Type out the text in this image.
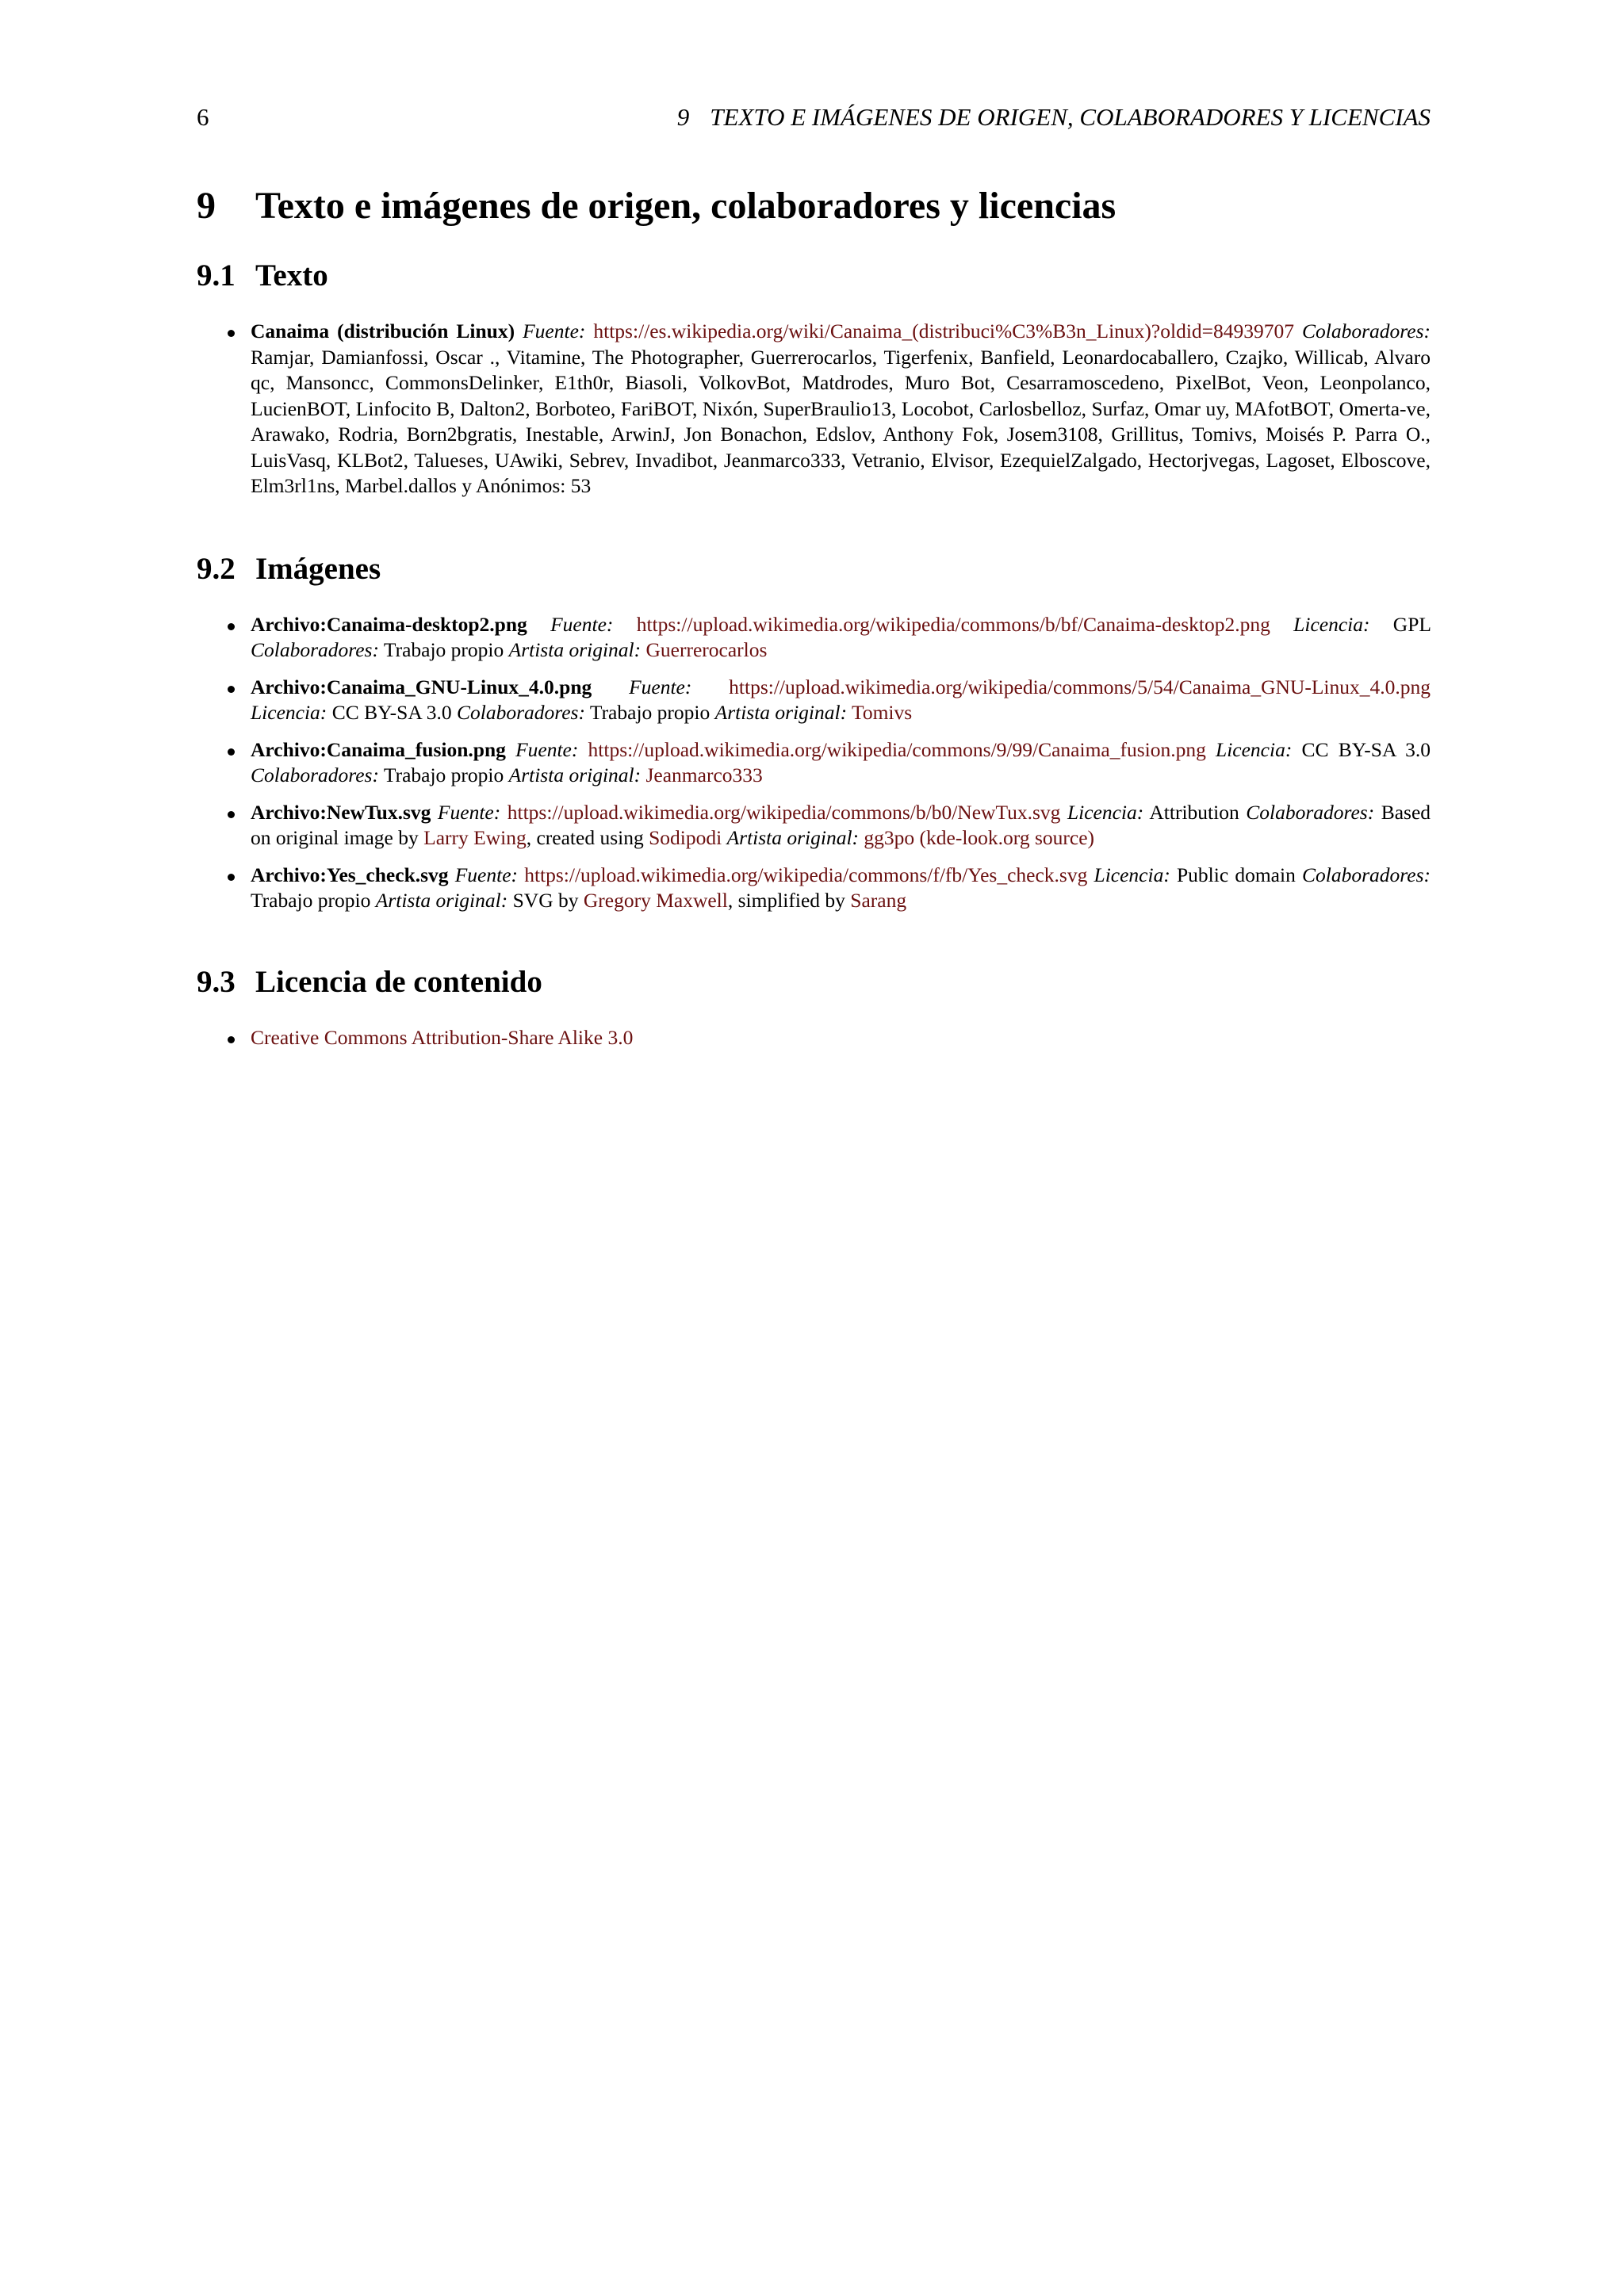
6	9 TEXTO E IMÁGENES DE ORIGEN, COLABORADORES Y LICENCIAS
9 Texto e imágenes de origen, colaboradores y licencias
9.1 Texto
Canaima (distribución Linux) Fuente: https://es.wikipedia.org/wiki/Canaima_(distribuci%C3%B3n_Linux)?oldid=84939707 Colaboradores: Ramjar, Damianfossi, Oscar ., Vitamine, The Photographer, Guerrerocarlos, Tigerfenix, Banfield, Leonardocaballero, Czajko, Willicab, Alvaro qc, Mansoncc, CommonsDelinker, E1th0r, Biasoli, VolkovBot, Matdrodes, Muro Bot, Cesarramoscedeno, PixelBot, Veon, Leonpolanco, LucienBOT, Linfocito B, Dalton2, Borboteo, FariBOT, Nixón, SuperBraulio13, Locobot, Carlosbelloz, Surfaz, Omar uy, MAfotBOT, Omerta-ve, Arawako, Rodria, Born2bgratis, Inestable, ArwinJ, Jon Bonachon, Edslov, Anthony Fok, Josem3108, Grillitus, Tomivs, Moisés P. Parra O., LuisVasq, KLBot2, Talueses, UAwiki, Sebrev, Invadibot, Jeanmarco333, Vetranio, Elvisor, EzequielZalgado, Hectorjvegas, Lagoset, Elboscove, Elm3rl1ns, Marbel.dallos y Anónimos: 53
9.2 Imágenes
Archivo:Canaima-desktop2.png Fuente: https://upload.wikimedia.org/wikipedia/commons/b/bf/Canaima-desktop2.png Licencia: GPL Colaboradores: Trabajo propio Artista original: Guerrerocarlos
Archivo:Canaima_GNU-Linux_4.0.png Fuente: https://upload.wikimedia.org/wikipedia/commons/5/54/Canaima_GNU-Linux_4.0.png Licencia: CC BY-SA 3.0 Colaboradores: Trabajo propio Artista original: Tomivs
Archivo:Canaima_fusion.png Fuente: https://upload.wikimedia.org/wikipedia/commons/9/99/Canaima_fusion.png Licencia: CC BY-SA 3.0 Colaboradores: Trabajo propio Artista original: Jeanmarco333
Archivo:NewTux.svg Fuente: https://upload.wikimedia.org/wikipedia/commons/b/b0/NewTux.svg Licencia: Attribution Colaboradores: Based on original image by Larry Ewing, created using Sodipodi Artista original: gg3po (kde-look.org source)
Archivo:Yes_check.svg Fuente: https://upload.wikimedia.org/wikipedia/commons/f/fb/Yes_check.svg Licencia: Public domain Colaboradores: Trabajo propio Artista original: SVG by Gregory Maxwell, simplified by Sarang
9.3 Licencia de contenido
Creative Commons Attribution-Share Alike 3.0
